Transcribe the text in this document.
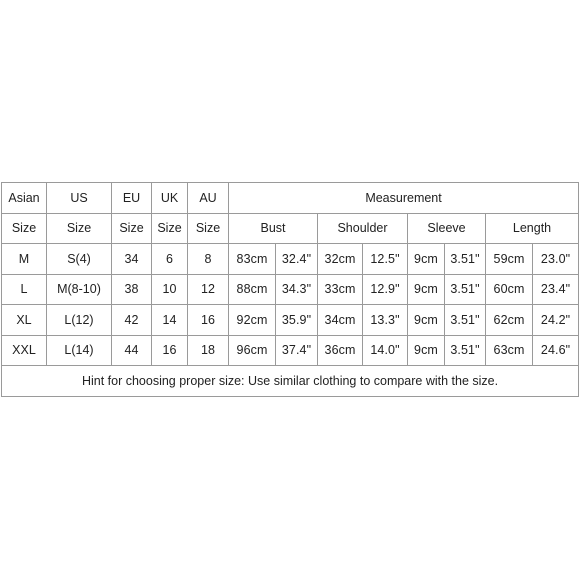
Asian	US	EU	UK	AU	Measurement							
Size	Size	Size	Size	Size	Bust		Shoulder		Sleeve		Length	
M	S(4)	34	6	8	83cm	32.4"	32cm	12.5"	9cm	3.51"	59cm	23.0"
L	M(8-10)	38	10	12	88cm	34.3"	33cm	12.9"	9cm	3.51"	60cm	23.4"
XL	L(12)	42	14	16	92cm	35.9"	34cm	13.3"	9cm	3.51"	62cm	24.2"
XXL	L(14)	44	16	18	96cm	37.4"	36cm	14.0"	9cm	3.51"	63cm	24.6"
Hint for choosing proper size: Use similar clothing to compare with the size.												
